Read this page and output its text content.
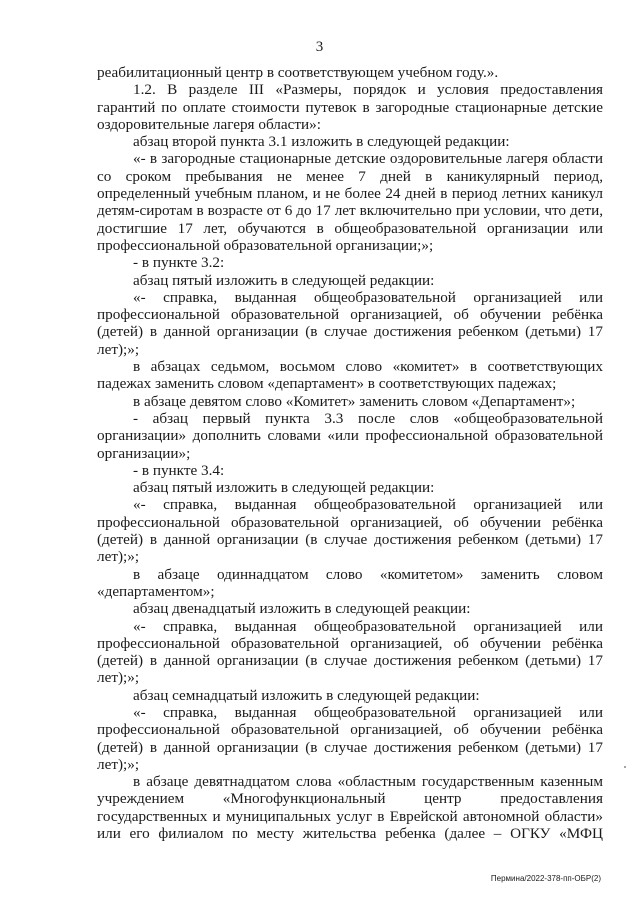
3

реабилитационный центр в соответствующем учебном году.».

1.2. В разделе III «Размеры, порядок и условия предоставления гарантий по оплате стоимости путевок в загородные стационарные детские оздоровительные лагеря области»:

абзац второй пункта 3.1 изложить в следующей редакции:

«- в загородные стационарные детские оздоровительные лагеря области со сроком пребывания не менее 7 дней в каникулярный период, определенный учебным планом, и не более 24 дней в период летних каникул детям-сиротам в возрасте от 6 до 17 лет включительно при условии, что дети, достигшие 17 лет, обучаются в общеобразовательной организации или профессиональной образовательной организации;»;

- в пункте 3.2:

абзац пятый изложить в следующей редакции:

«- справка, выданная общеобразовательной организацией или профессиональной образовательной организацией, об обучении ребёнка (детей) в данной организации (в случае достижения ребенком (детьми) 17 лет);»;

в абзацах седьмом, восьмом слово «комитет» в соответствующих падежах заменить словом «департамент» в соответствующих падежах;

в абзаце девятом слово «Комитет» заменить словом «Департамент»;

- абзац первый пункта 3.3 после слов «общеобразовательной организации» дополнить словами «или профессиональной образовательной организации»;

- в пункте 3.4:

абзац пятый изложить в следующей редакции:

«- справка, выданная общеобразовательной организацией или профессиональной образовательной организацией, об обучении ребёнка (детей) в данной организации (в случае достижения ребенком (детьми) 17 лет);»;

в абзаце одиннадцатом слово «комитетом» заменить словом «департаментом»;

абзац двенадцатый изложить в следующей реакции:

«- справка, выданная общеобразовательной организацией или профессиональной образовательной организацией, об обучении ребёнка (детей) в данной организации (в случае достижения ребенком (детьми) 17 лет);»;

абзац семнадцатый изложить в следующей редакции:

«- справка, выданная общеобразовательной организацией или профессиональной образовательной организацией, об обучении ребёнка (детей) в данной организации (в случае достижения ребенком (детьми) 17 лет);»;

в абзаце девятнадцатом слова «областным государственным казенным учреждением «Многофункциональный центр предоставления государственных и муниципальных услуг в Еврейской автономной области» или его филиалом по месту жительства ребенка (далее – ОГКУ «МФЦ

Пермина/2022-378-пп-ОБР(2)
